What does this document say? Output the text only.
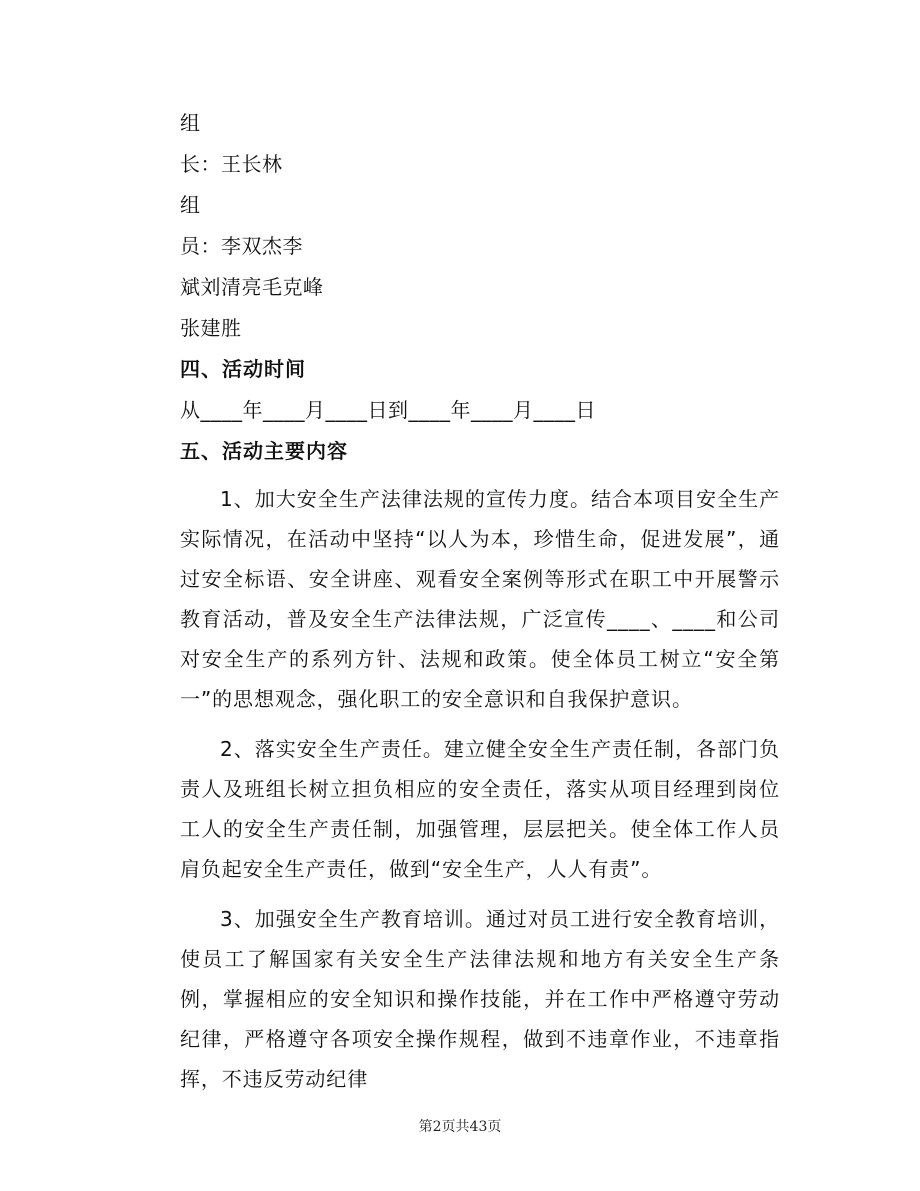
组
长：王长林
组
员：李双杰李
斌刘清亮毛克峰
张建胜
四、活动时间
从____年____月____日到____年____月____日
五、活动主要内容

1、加大安全生产法律法规的宣传力度。结合本项目安全生产实际情况，在活动中坚持“以人为本，珍惜生命，促进发展”，通过安全标语、安全讲座、观看安全案例等形式在职工中开展警示教育活动，普及安全生产法律法规，广泛宣传____、____和公司对安全生产的系列方针、法规和政策。使全体员工树立“安全第一”的思想观念，强化职工的安全意识和自我保护意识。

2、落实安全生产责任。建立健全安全生产责任制，各部门负责人及班组长树立担负相应的安全责任，落实从项目经理到岗位工人的安全生产责任制，加强管理，层层把关。使全体工作人员肩负起安全生产责任，做到“安全生产，人人有责”。

3、加强安全生产教育培训。通过对员工进行安全教育培训，使员工了解国家有关安全生产法律法规和地方有关安全生产条例，掌握相应的安全知识和操作技能，并在工作中严格遵守劳动纪律，严格遵守各项安全操作规程，做到不违章作业，不违章指挥，不违反劳动纪律

第2页共43页
